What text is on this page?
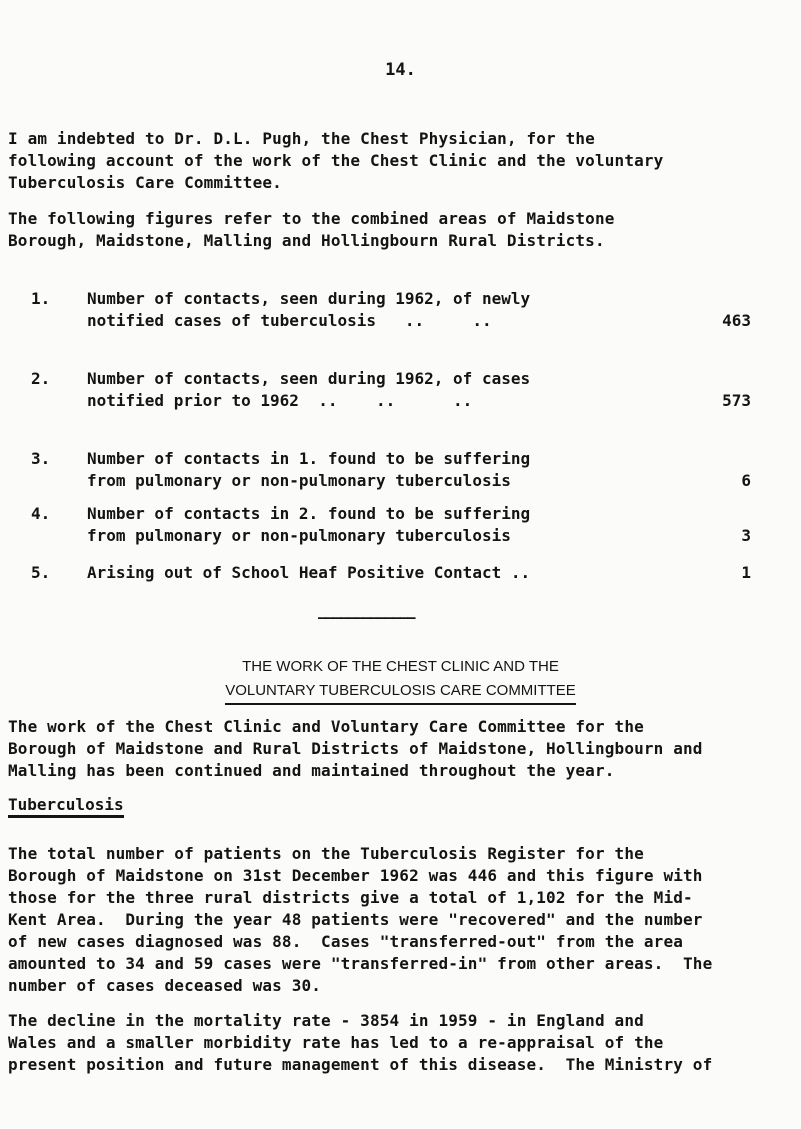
14.
I am indebted to Dr. D.L. Pugh, the Chest Physician, for the
following account of the work of the Chest Clinic and the voluntary
Tuberculosis Care Committee.
The following figures refer to the combined areas of Maidstone
Borough, Maidstone, Malling and Hollingbourn Rural Districts.
1. Number of contacts, seen during 1962, of newly
notified cases of tuberculosis   ..     ..	463
2. Number of contacts, seen during 1962, of cases
notified prior to 1962  ..    ..      ..	573
3. Number of contacts in 1. found to be suffering
from pulmonary or non-pulmonary tuberculosis	6
4. Number of contacts in 2. found to be suffering
from pulmonary or non-pulmonary tuberculosis	3
5. Arising out of School Heaf Positive Contact ..	1
—————————————
THE WORK OF THE CHEST CLINIC AND THE
VOLUNTARY TUBERCULOSIS CARE COMMITTEE
The work of the Chest Clinic and Voluntary Care Committee for the
Borough of Maidstone and Rural Districts of Maidstone, Hollingbourn and
Malling has been continued and maintained throughout the year.
Tuberculosis
The total number of patients on the Tuberculosis Register for the
Borough of Maidstone on 31st December 1962 was 446 and this figure with
those for the three rural districts give a total of 1,102 for the Mid-
Kent Area.  During the year 48 patients were "recovered" and the number
of new cases diagnosed was 88.  Cases "transferred-out" from the area
amounted to 34 and 59 cases were "transferred-in" from other areas.  The
number of cases deceased was 30.
The decline in the mortality rate - 3854 in 1959 - in England and
Wales and a smaller morbidity rate has led to a re-appraisal of the
present position and future management of this disease.  The Ministry of
